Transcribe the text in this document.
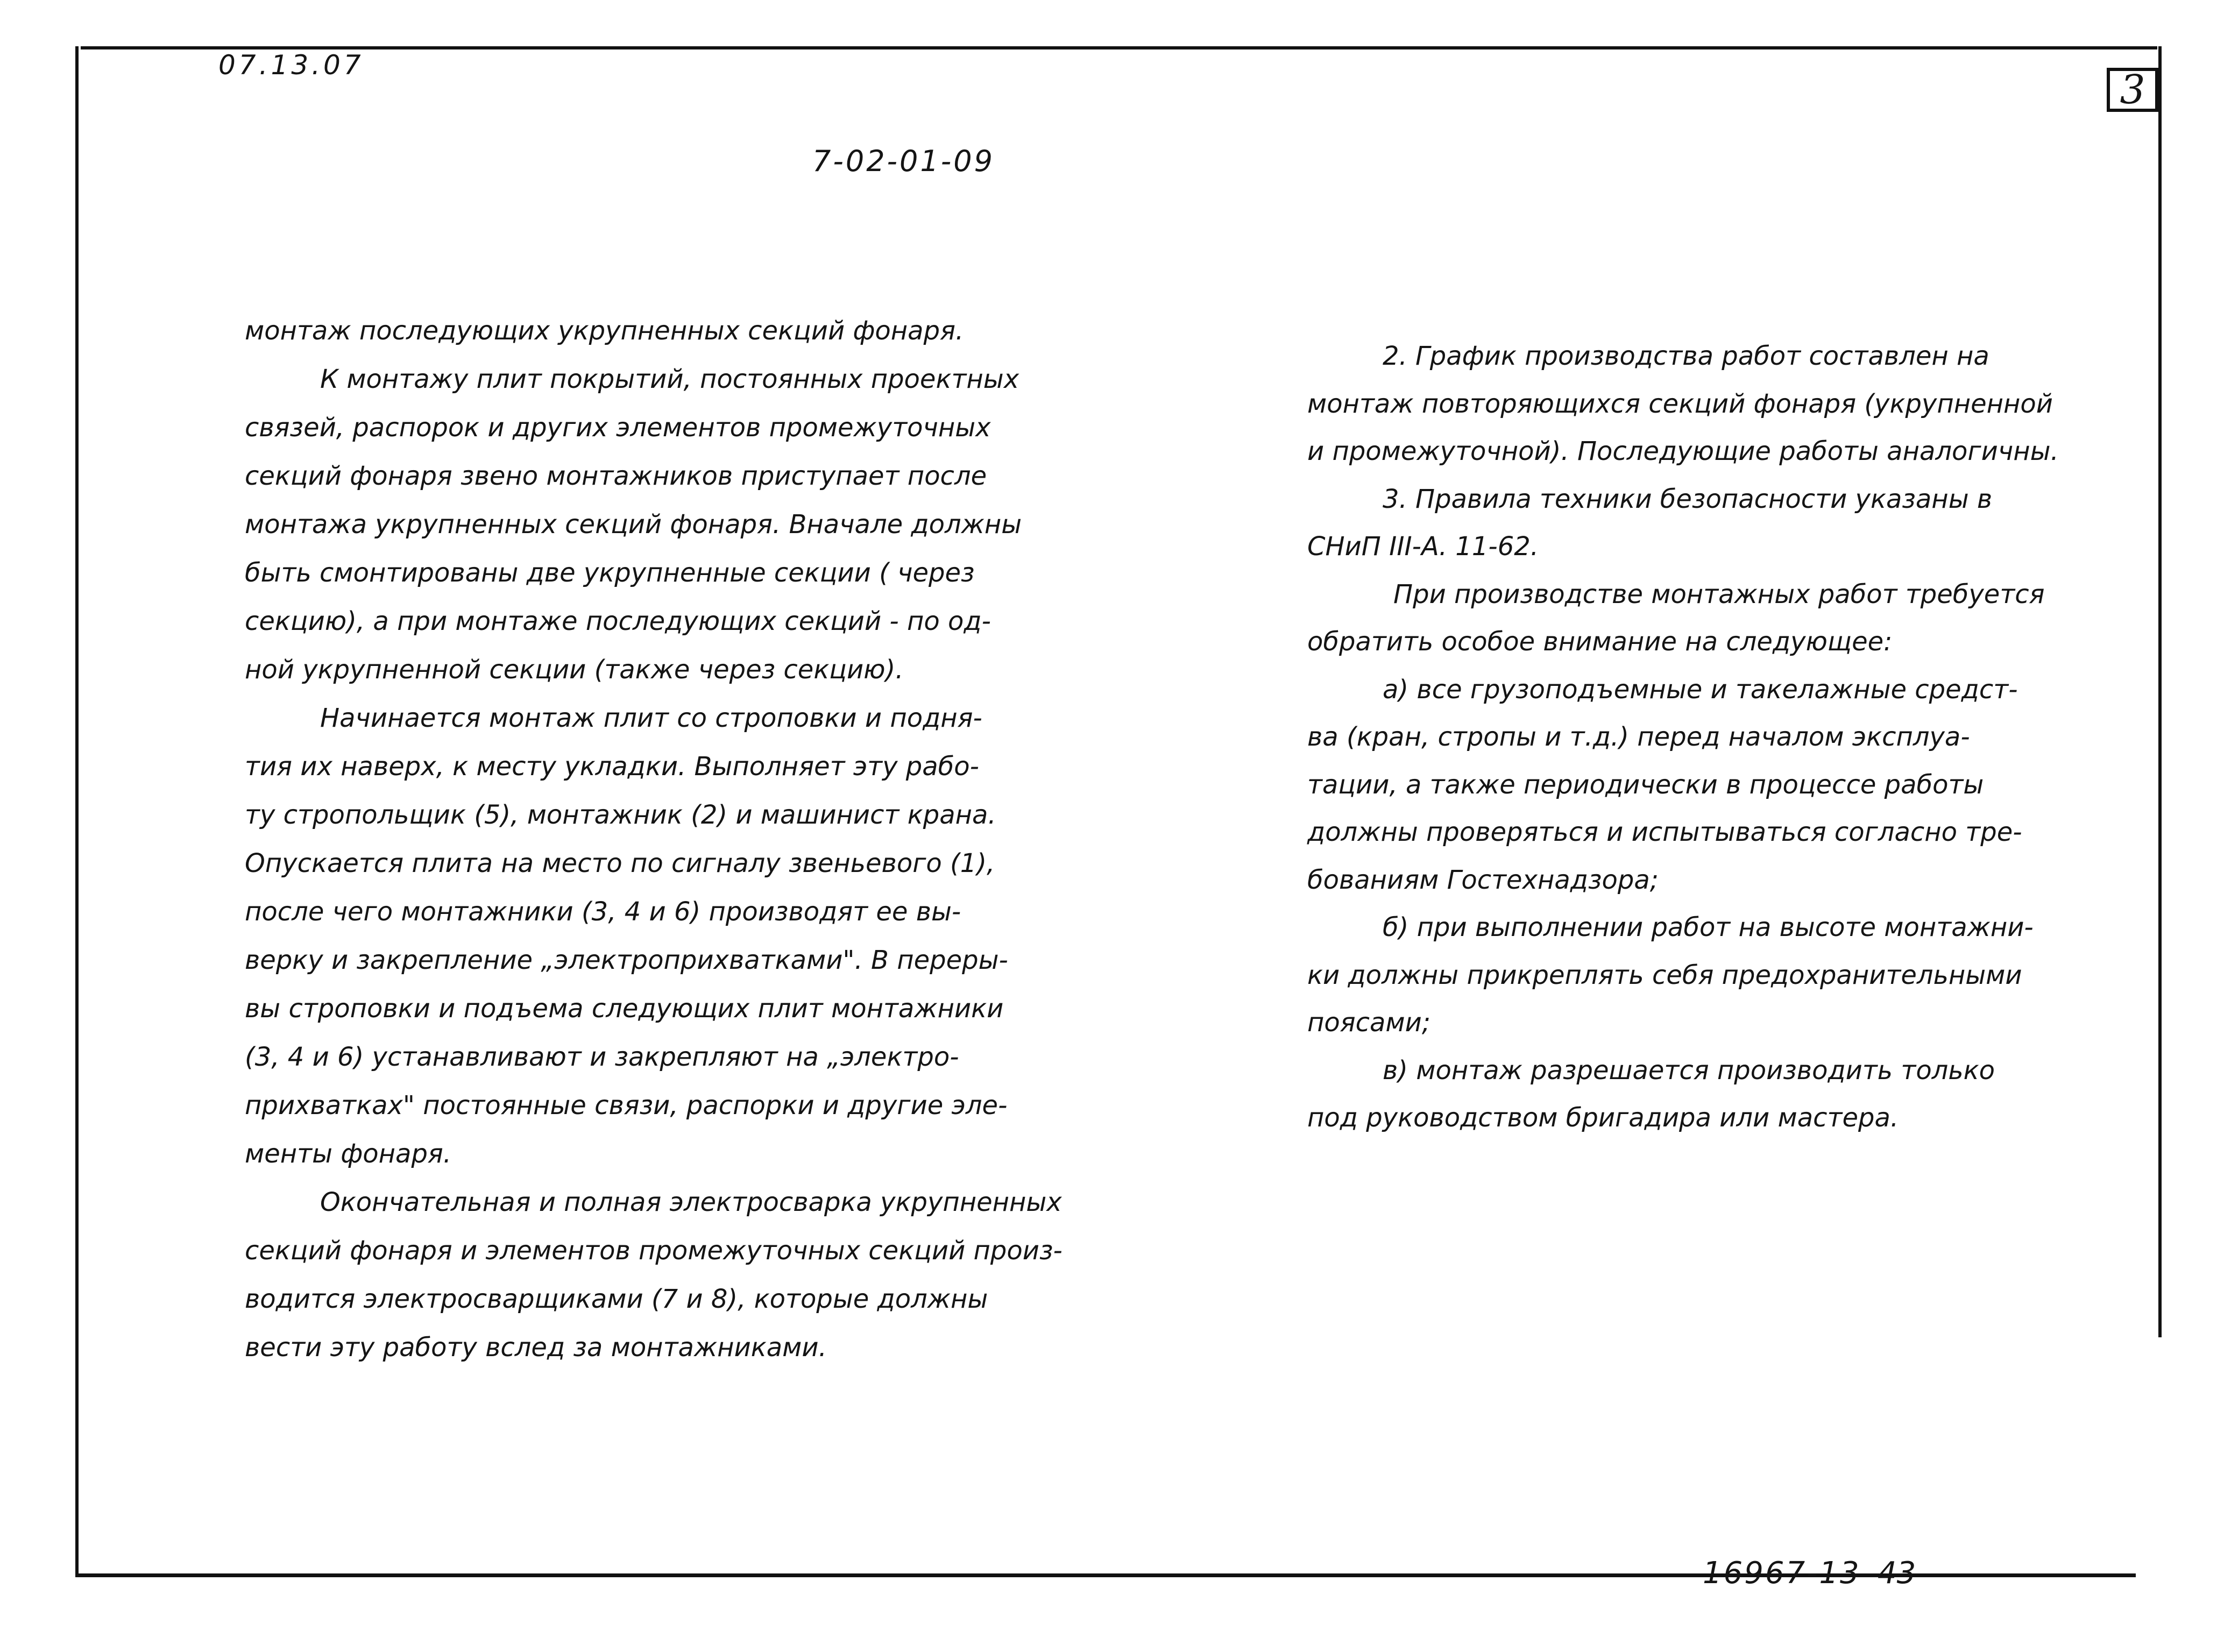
07.13.07
3
7-02-01-09
монтаж последующих укрупненных секций фонаря.
К монтажу плит покрытий, постоянных проектных
связей, распорок и других элементов промежуточных
секций фонаря звено монтажников приступает после
монтажа укрупненных секций фонаря. Вначале должны
быть смонтированы две укрупненные секции ( через
секцию), а при монтаже последующих секций - по од-
ной укрупненной секции (также через секцию).
Начинается монтаж плит со строповки и подня-
тия их наверх, к месту укладки. Выполняет эту рабо-
ту стропольщик (5), монтажник (2) и машинист крана.
Опускается плита на место по сигналу звеньевого (1),
после чего монтажники (3, 4 и 6) производят ее вы-
верку и закрепление „электроприхватками". В переры-
вы строповки и подъема следующих плит монтажники
(3, 4 и 6) устанавливают и закрепляют на „электро-
прихватках" постоянные связи, распорки и другие эле-
менты фонаря.
Окончательная и полная электросварка укрупненных
секций фонаря и элементов промежуточных секций произ-
водится электросварщиками (7 и 8), которые должны
вести эту работу вслед за монтажниками.
2. График производства работ составлен на
монтаж повторяющихся секций фонаря (укрупненной
и промежуточной). Последующие работы аналогичны.
3. Правила техники безопасности указаны в
СНиП III-А. 11-62.
При производстве монтажных работ требуется
обратить особое внимание на следующее:
а) все грузоподъемные и такелажные средст-
ва (кран, стропы и т.д.) перед началом эксплуа-
тации, а также периодически в процессе работы
должны проверяться и испытываться согласно тре-
бованиям Гостехнадзора;
б) при выполнении работ на высоте монтажни-
ки должны прикреплять себя предохранительными
поясами;
в) монтаж разрешается производить только
под руководством бригадира или мастера.
16967-13 43
